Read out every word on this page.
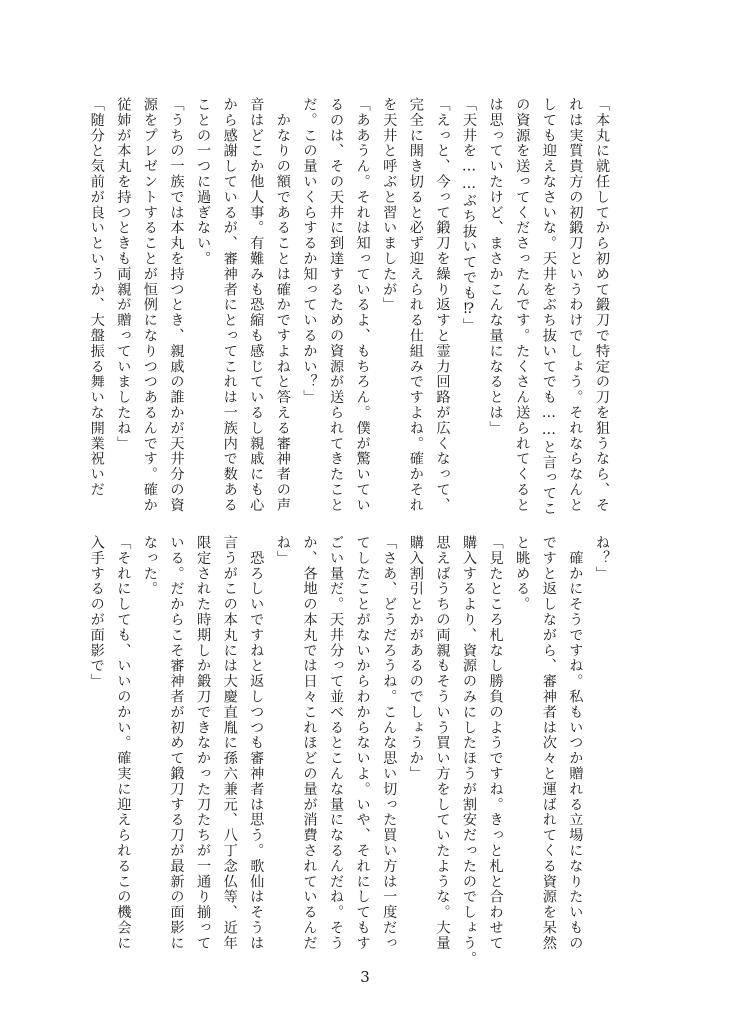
「本丸に就任してから初めて鍛刀で特定の刀を狙うなら、そ
れは実質貴方の初鍛刀というわけでしょう。それならなんと
しても迎えなさいな。天井をぶち抜いてでも……と言ってこ
の資源を送ってくださったんです。たくさん送られてくると
は思っていたけど、まさかこんな量になるとは」
「天井を……ぶち抜いてでも⁉」
「えっと、今って鍛刀を繰り返すと霊力回路が広くなって、
完全に開き切ると必ず迎えられる仕組みですよね。確かそれ
を天井と呼ぶと習いましたが」
「ああうん。それは知っているよ、もちろん。僕が驚いてい
るのは、その天井に到達するための資源が送られてきたこと
だ。この量いくらするか知っているかい？」
　かなりの額であることは確かですよねと答える審神者の声
音はどこか他人事。有難みも恐縮も感じているし親戚にも心
から感謝しているが、審神者にとってこれは一族内で数ある
ことの一つに過ぎない。
「うちの一族では本丸を持つとき、親戚の誰かが天井分の資
源をプレゼントすることが恒例になりつつあるんです。確か
従姉が本丸を持つときも両親が贈っていましたね」
「随分と気前が良いというか、大盤振る舞いな開業祝いだ
ね？」
　確かにそうですね。私もいつか贈れる立場になりたいもの
ですと返しながら、審神者は次々と運ばれてくる資源を呆然
と眺める。
「見たところ札なし勝負のようですね。きっと札と合わせて
購入するより、資源のみにしたほうが割安だったのでしょう。
思えばうちの両親もそういう買い方をしていたような。大量
購入割引とかがあるのでしょうか」
「さあ、どうだろうね。こんな思い切った買い方は一度だっ
てしたことがないからわからないよ。いや、それにしてもす
ごい量だ。天井分って並べるとこんな量になるんだね。そう
か、各地の本丸では日々これほどの量が消費されているんだ
ね」
　恐ろしいですねと返しつつも審神者は思う。歌仙はそうは
言うがこの本丸には大慶直胤に孫六兼元、八丁念仏等、近年
限定された時期しか鍛刀できなかった刀たちが一通り揃って
いる。だからこそ審神者が初めて鍛刀する刀が最新の面影に
なった。
「それにしても、いいのかい。確実に迎えられるこの機会に
入手するのが面影で」
3
